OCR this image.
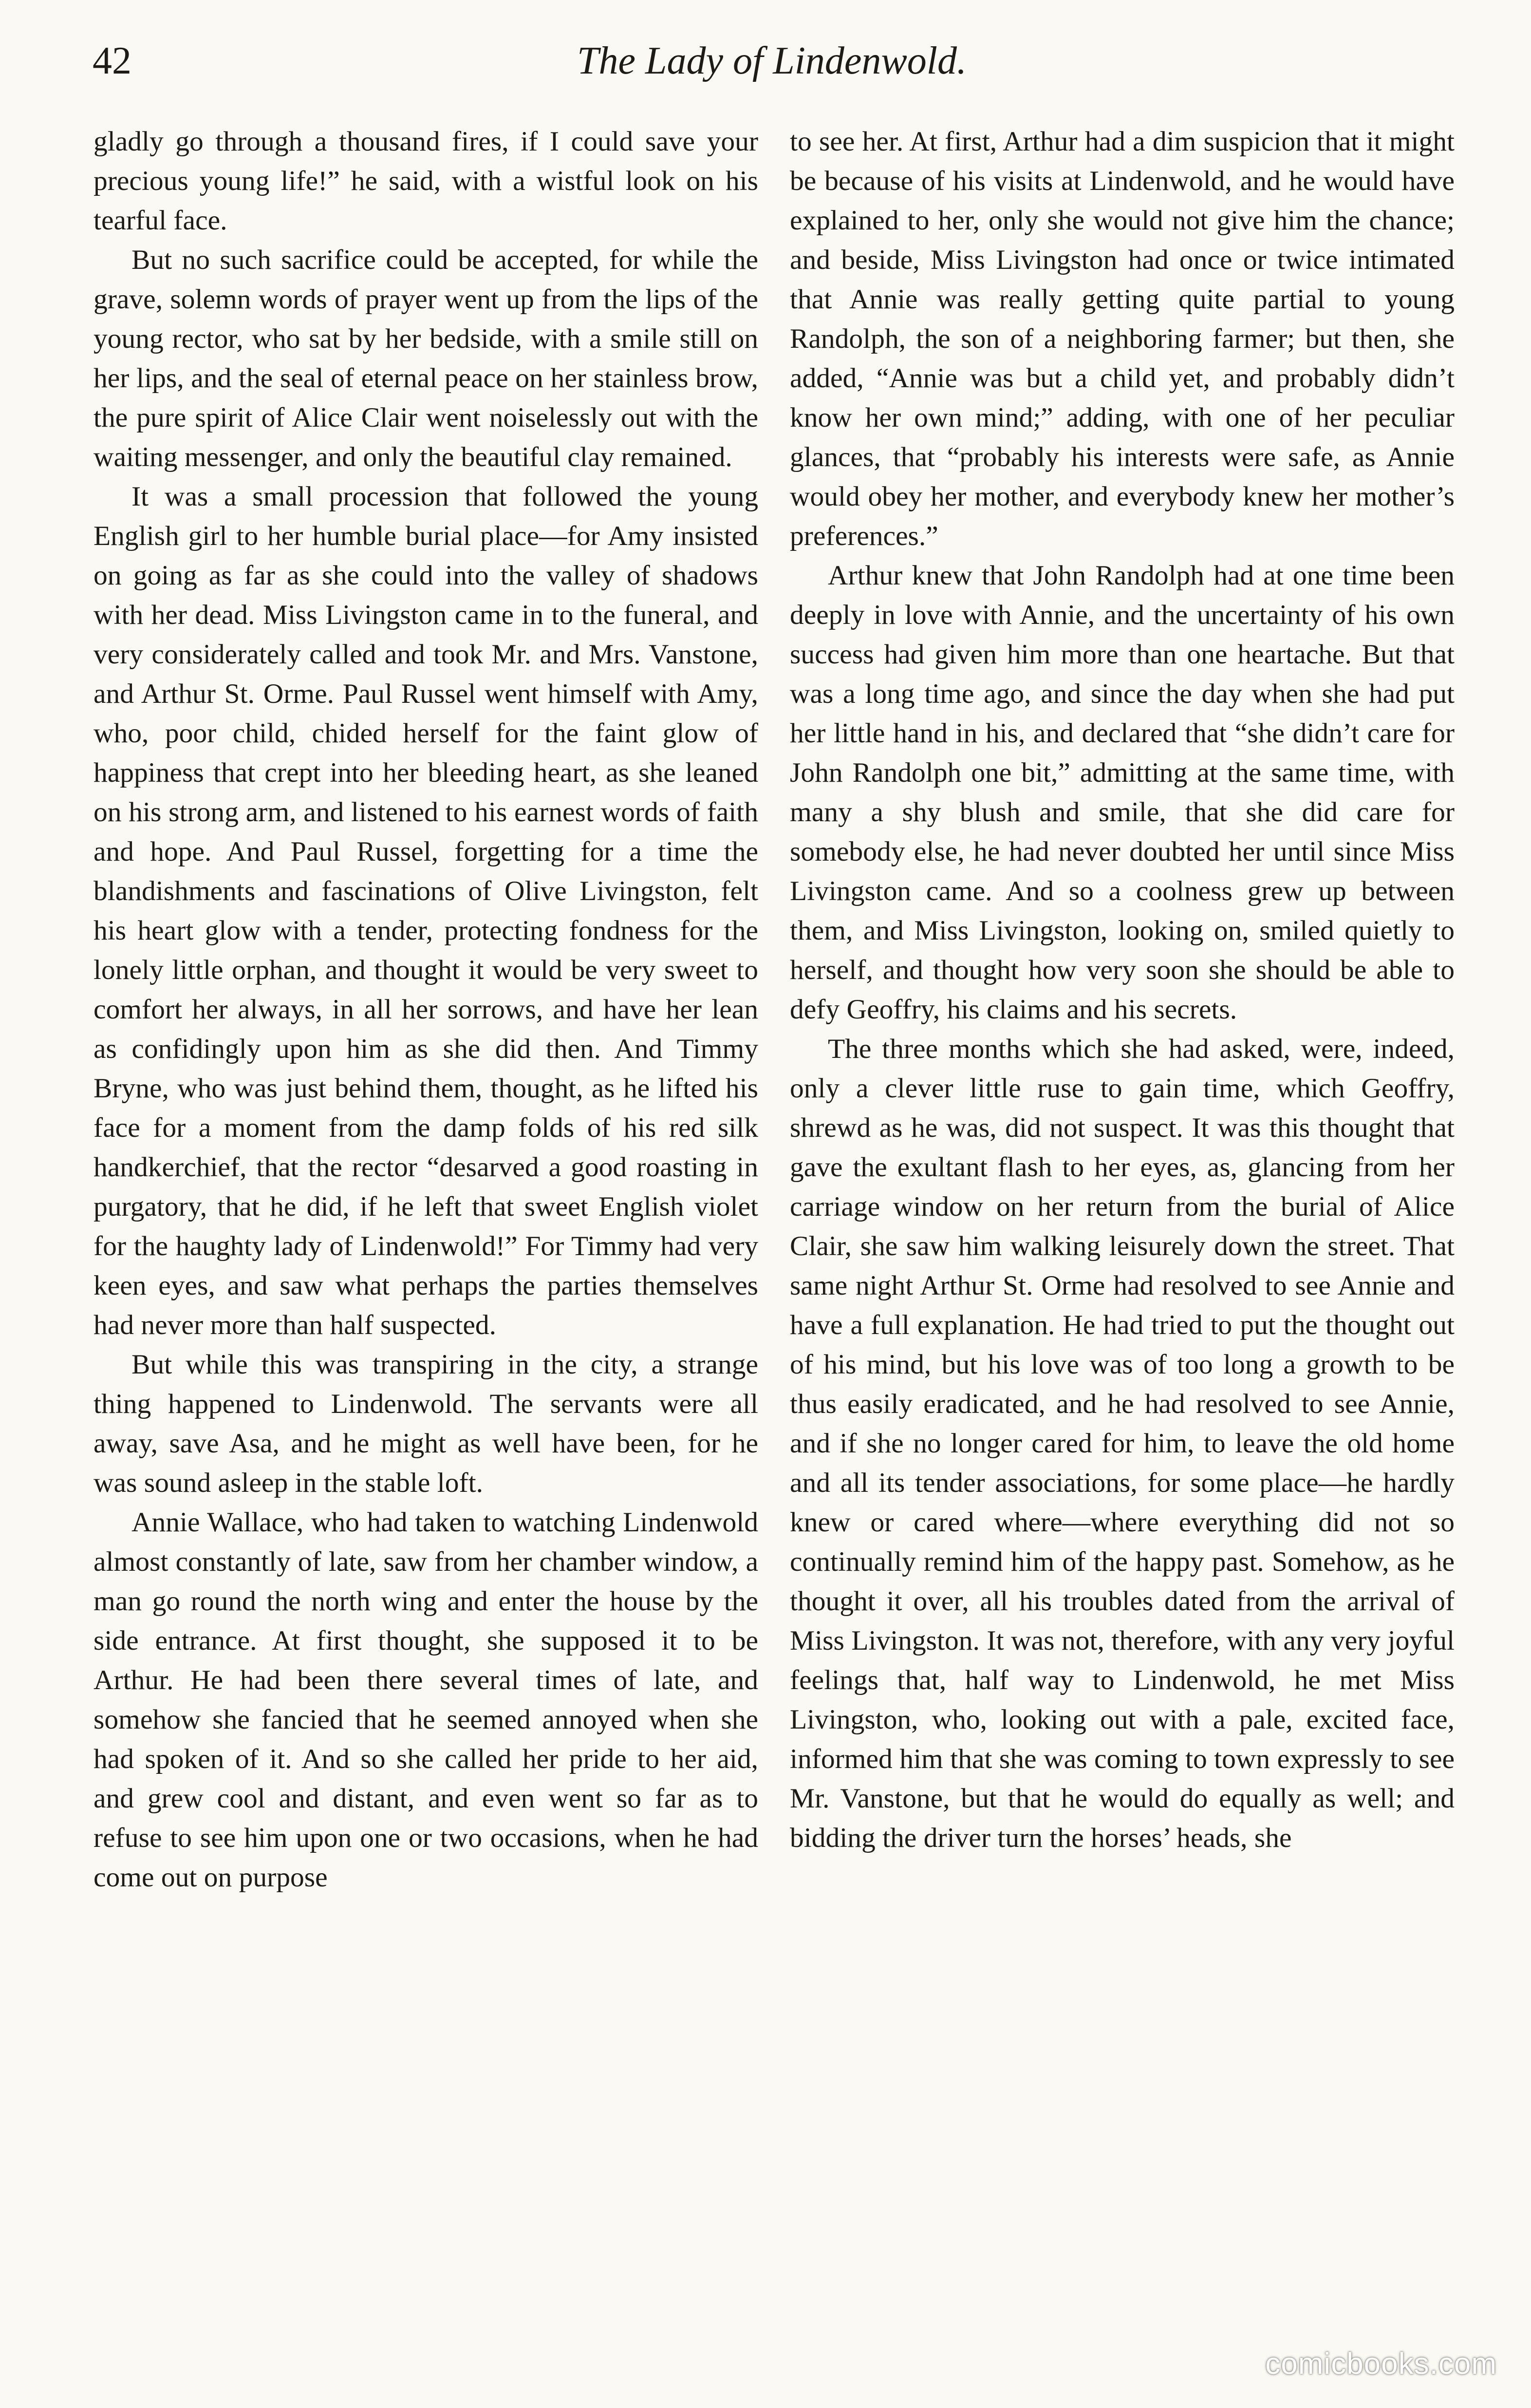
42	The Lady of Lindenwold.

gladly go through a thousand fires, if I could save your precious young life!” he said, with a wistful look on his tearful face.

But no such sacrifice could be accepted, for while the grave, solemn words of prayer went up from the lips of the young rector, who sat by her bedside, with a smile still on her lips, and the seal of eternal peace on her stainless brow, the pure spirit of Alice Clair went noiselessly out with the waiting messenger, and only the beautiful clay remained.

It was a small procession that followed the young English girl to her humble burial place—for Amy insisted on going as far as she could into the valley of shadows with her dead. Miss Livingston came in to the funeral, and very considerately called and took Mr. and Mrs. Vanstone, and Arthur St. Orme. Paul Russel went himself with Amy, who, poor child, chided herself for the faint glow of happiness that crept into her bleeding heart, as she leaned on his strong arm, and listened to his earnest words of faith and hope. And Paul Russel, forgetting for a time the blandishments and fascinations of Olive Livingston, felt his heart glow with a tender, protecting fondness for the lonely little orphan, and thought it would be very sweet to comfort her always, in all her sorrows, and have her lean as confidingly upon him as she did then. And Timmy Bryne, who was just behind them, thought, as he lifted his face for a moment from the damp folds of his red silk handkerchief, that the rector “desarved a good roasting in purgatory, that he did, if he left that sweet English violet for the haughty lady of Lindenwold!” For Timmy had very keen eyes, and saw what perhaps the parties themselves had never more than half suspected.

But while this was transpiring in the city, a strange thing happened to Lindenwold. The servants were all away, save Asa, and he might as well have been, for he was sound asleep in the stable loft.

Annie Wallace, who had taken to watching Lindenwold almost constantly of late, saw from her chamber window, a man go round the north wing and enter the house by the side entrance. At first thought, she supposed it to be Arthur. He had been there several times of late, and somehow she fancied that he seemed annoyed when she had spoken of it. And so she called her pride to her aid, and grew cool and distant, and even went so far as to refuse to see him upon one or two occasions, when he had come out on purpose

to see her. At first, Arthur had a dim suspicion that it might be because of his visits at Lindenwold, and he would have explained to her, only she would not give him the chance; and beside, Miss Livingston had once or twice intimated that Annie was really getting quite partial to young Randolph, the son of a neighboring farmer; but then, she added, “Annie was but a child yet, and probably didn’t know her own mind;” adding, with one of her peculiar glances, that “probably his interests were safe, as Annie would obey her mother, and everybody knew her mother’s preferences.”

Arthur knew that John Randolph had at one time been deeply in love with Annie, and the uncertainty of his own success had given him more than one heartache. But that was a long time ago, and since the day when she had put her little hand in his, and declared that “she didn’t care for John Randolph one bit,” admitting at the same time, with many a shy blush and smile, that she did care for somebody else, he had never doubted her until since Miss Livingston came. And so a coolness grew up between them, and Miss Livingston, looking on, smiled quietly to herself, and thought how very soon she should be able to defy Geoffry, his claims and his secrets.

The three months which she had asked, were, indeed, only a clever little ruse to gain time, which Geoffry, shrewd as he was, did not suspect. It was this thought that gave the exultant flash to her eyes, as, glancing from her carriage window on her return from the burial of Alice Clair, she saw him walking leisurely down the street. That same night Arthur St. Orme had resolved to see Annie and have a full explanation. He had tried to put the thought out of his mind, but his love was of too long a growth to be thus easily eradicated, and he had resolved to see Annie, and if she no longer cared for him, to leave the old home and all its tender associations, for some place—he hardly knew or cared where—where everything did not so continually remind him of the happy past. Somehow, as he thought it over, all his troubles dated from the arrival of Miss Livingston. It was not, therefore, with any very joyful feelings that, half way to Lindenwold, he met Miss Livingston, who, looking out with a pale, excited face, informed him that she was coming to town expressly to see Mr. Vanstone, but that he would do equally as well; and bidding the driver turn the horses’ heads, she

comicbooks.com
